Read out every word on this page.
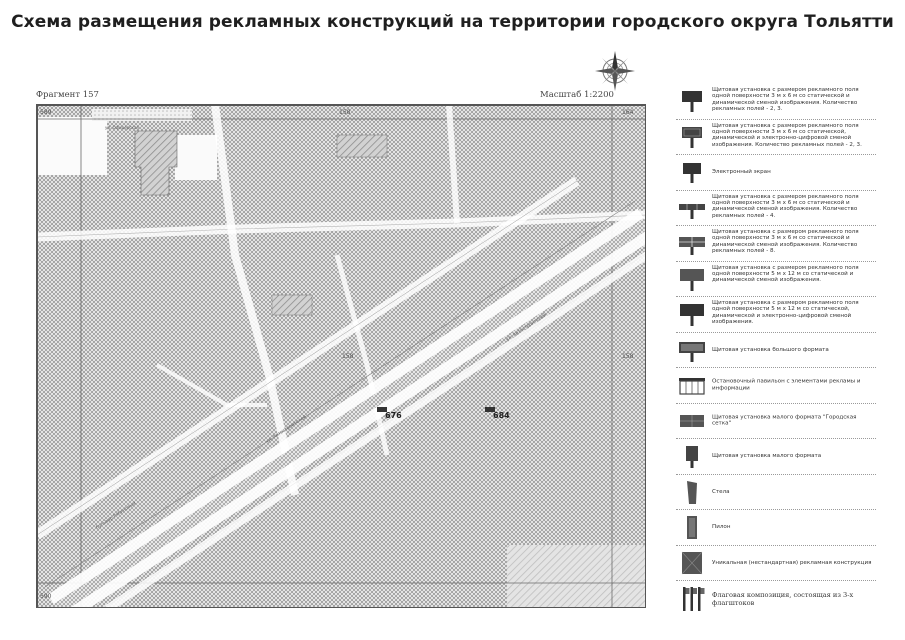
Схема размещения рекламных конструкций на территории городского округа Тольятти
Фрагмент 157	Масштаб 1:2200
ул. Автостроителей
ул. Автостроителей
бульвар Рябиновый
ул. Офицерская
589	158	164
158
590
158
676	684
Щитовая установка с размером рекламного поля одной поверхности 3 м х 6 м со статической и динамической сменой изображения. Количество рекламных полей - 2, 3.
Щитовая установка с размером рекламного поля одной поверхности 3 м х 6 м со статической, динамической и электронно-цифровой сменой изображения. Количество рекламных полей - 2, 3.
Электронный экран
Щитовая установка с размером рекламного поля одной поверхности 3 м х 6 м со статической и динамической сменой изображения. Количество рекламных полей - 4.
Щитовая установка с размером рекламного поля одной поверхности 3 м х 6 м со статической и динамической сменой изображения. Количество рекламных полей - 8.
Щитовая установка с размером рекламного поля одной поверхности 5 м х 12 м со статической и динамической сменой изображения.
Щитовая установка с размером рекламного поля одной поверхности 5 м х 12 м со статической, динамической и электронно-цифровой сменой изображения.
Щитовая установка большого формата
Остановочный павильон с элементами рекламы и информации
Щитовая установка малого формата "Городская сетка"
Щитовая установка малого формата
Стела
Пилон
Уникальная (нестандартная) рекламная конструкция
Флаговая композиция, состоящая из 3-х флагштоков
